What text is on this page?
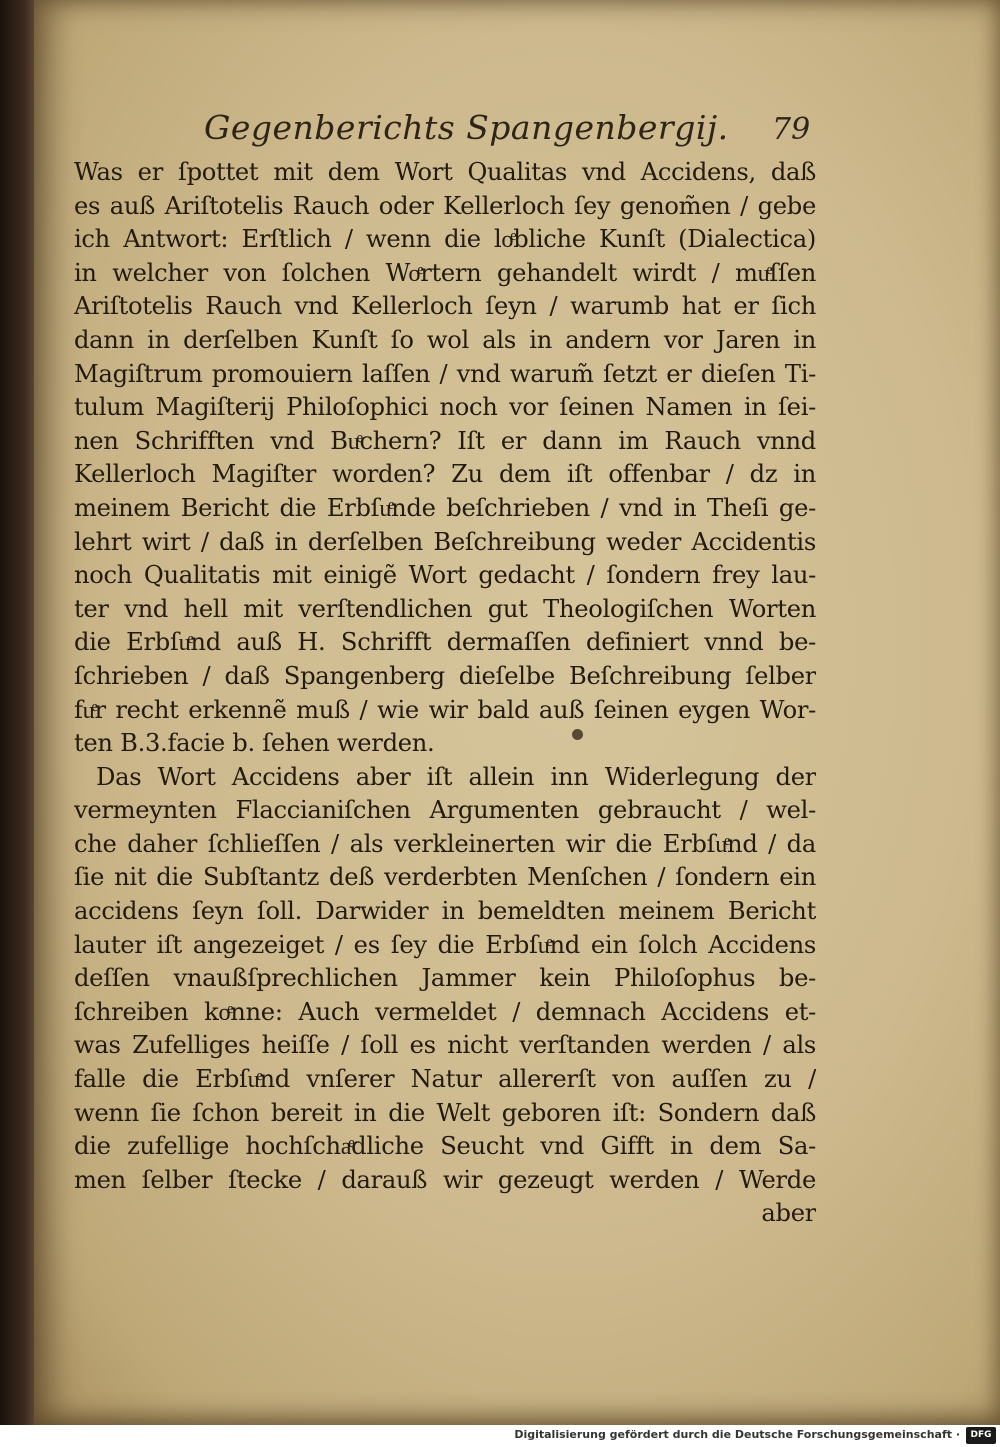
Gegenberichts Spangenbergij. 79
Was er ſpottet mit dem Wort Qualitas vnd Accidens, daß
es auß Ariſtotelis Rauch oder Kellerloch ſey genom̃en / gebe
ich Antwort: Erſtlich / wenn die loͤbliche Kunſt (Dialectica)
in welcher von ſolchen Woͤrtern gehandelt wirdt / muͤſſen
Ariſtotelis Rauch vnd Kellerloch ſeyn / warumb hat er ſich
dann in derſelben Kunſt ſo wol als in andern vor Jaren in
Magiſtrum promouiern laſſen / vnd warum̃ ſetzt er dieſen Ti-
tulum Magiſterij Philoſophici noch vor ſeinen Namen in ſei-
nen Schrifften vnd Buͤchern? Iſt er dann im Rauch vnnd
Kellerloch Magiſter worden? Zu dem iſt offenbar / dz in
meinem Bericht die Erbſuͤnde beſchrieben / vnd in Theſi ge-
lehrt wirt / daß in derſelben Beſchreibung weder Accidentis
noch Qualitatis mit einigẽ Wort gedacht / ſondern frey lau-
ter vnd hell mit verſtendlichen gut Theologiſchen Worten
die Erbſuͤnd auß H. Schrifft dermaſſen definiert vnnd be-
ſchrieben / daß Spangenberg dieſelbe Beſchreibung ſelber
fuͤr recht erkennẽ muß / wie wir bald auß ſeinen eygen Wor-
ten B.3.facie b. ſehen werden.
Das Wort Accidens aber iſt allein inn Widerlegung der
vermeynten Flaccianiſchen Argumenten gebraucht / wel-
che daher ſchlieſſen / als verkleinerten wir die Erbſuͤnd / da
ſie nit die Subſtantz deß verderbten Menſchen / ſondern ein
accidens ſeyn ſoll. Darwider in bemeldten meinem Bericht
lauter iſt angezeiget / es ſey die Erbſuͤnd ein ſolch Accidens
deſſen vnaußſprechlichen Jammer kein Philoſophus be-
ſchreiben koͤnne: Auch vermeldet / demnach Accidens et-
was Zufelliges heiſſe / ſoll es nicht verſtanden werden / als
falle die Erbſuͤnd vnſerer Natur allererſt von auſſen zu /
wenn ſie ſchon bereit in die Welt geboren iſt: Sondern daß
die zufellige hochſchaͤdliche Seucht vnd Gifft in dem Sa-
men ſelber ſtecke / darauß wir gezeugt werden / Werde
aber
Digitalisierung gefördert durch die Deutsche Forschungsgemeinschaft ·	DFG
